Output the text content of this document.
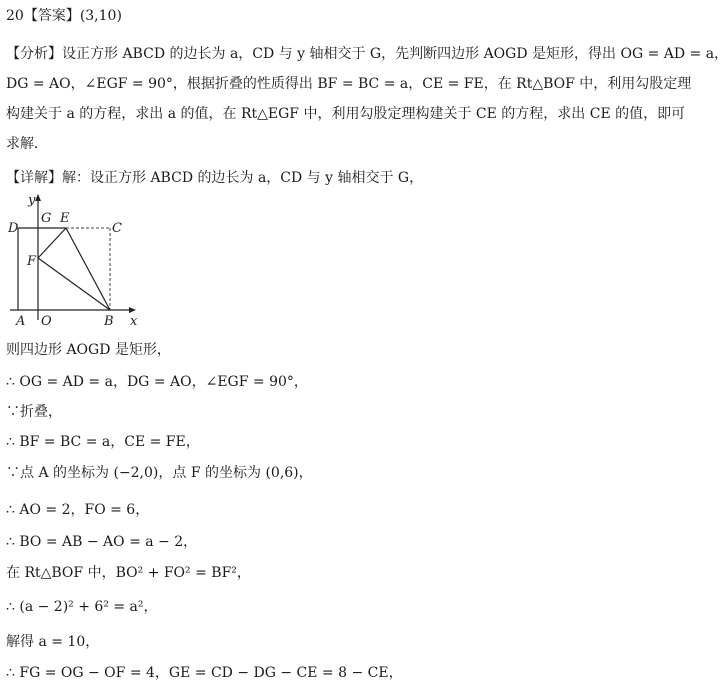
20【答案】(3,10)
【分析】设正方形 ABCD 的边长为 a，CD 与 y 轴相交于 G，先判断四边形 AOGD 是矩形，得出 OG = AD = a，
DG = AO，∠EGF = 90°，根据折叠的性质得出 BF = BC = a，CE = FE，在 Rt△BOF 中，利用勾股定理
构建关于 a 的方程，求出 a 的值，在 Rt△EGF 中，利用勾股定理构建关于 CE 的方程，求出 CE 的值，即可
求解．
【详解】解：设正方形 ABCD 的边长为 a，CD 与 y 轴相交于 G，
y
x
D
G E
C
F
A O	B
则四边形 AOGD 是矩形，
∴ OG = AD = a，DG = AO，∠EGF = 90°，
∵折叠，
∴ BF = BC = a，CE = FE，
∵点 A 的坐标为 (−2,0)，点 F 的坐标为 (0,6)，
∴ AO = 2，FO = 6，
∴ BO = AB − AO = a − 2，
在 Rt△BOF 中，BO² + FO² = BF²，
∴ (a − 2)² + 6² = a²，
解得 a = 10，
∴ FG = OG − OF = 4，GE = CD − DG − CE = 8 − CE，
